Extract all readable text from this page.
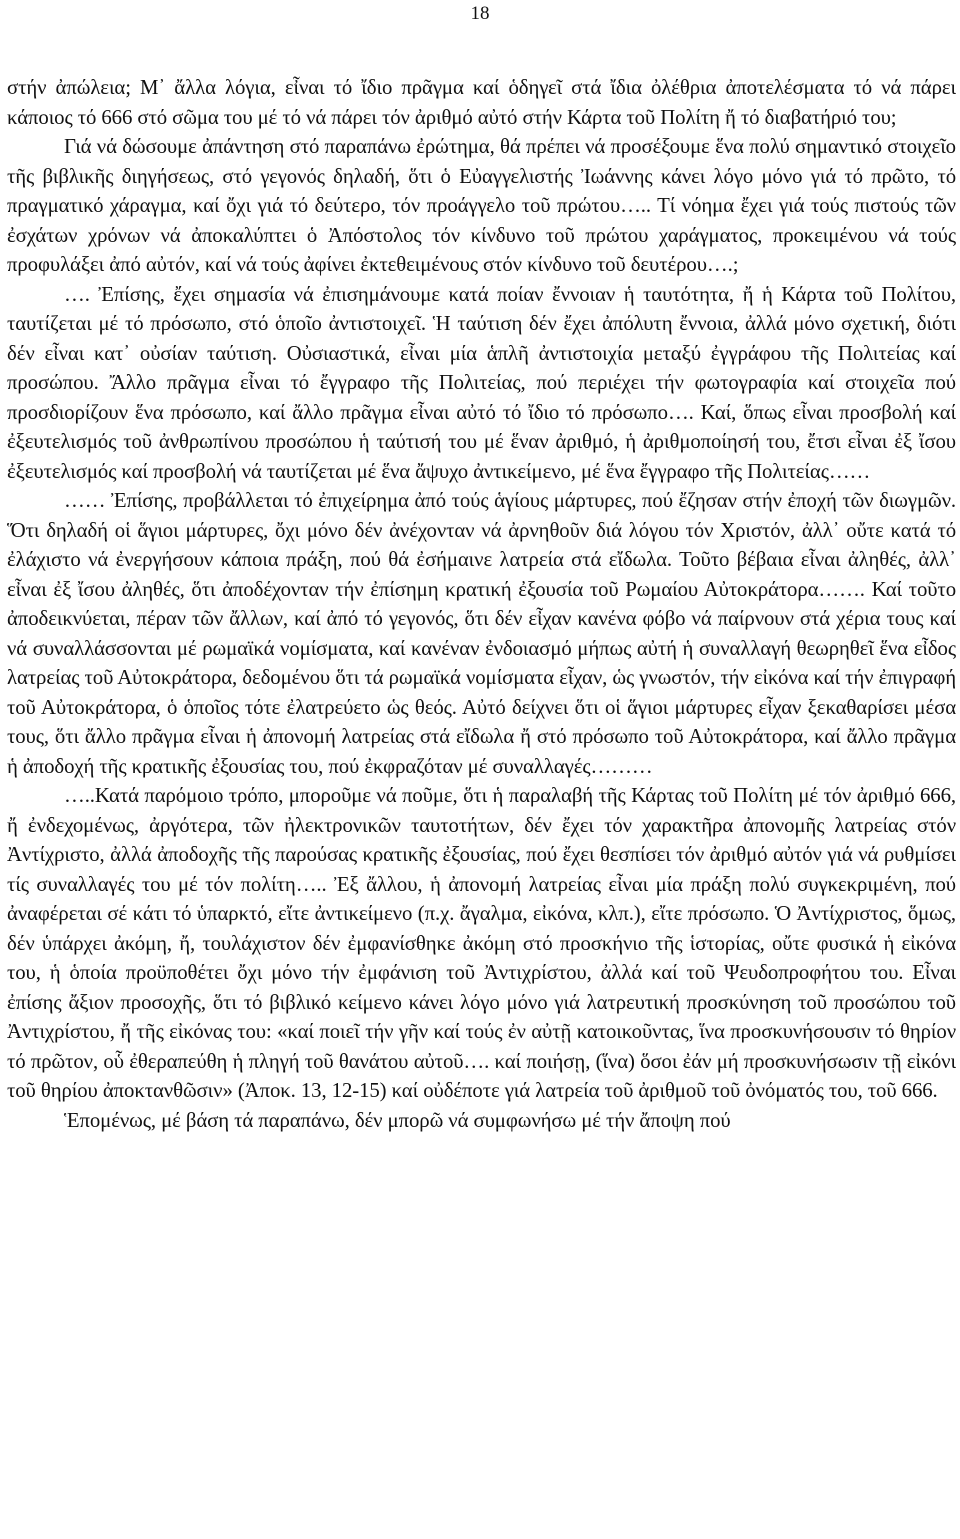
18

στήν ἀπώλεια; Μ᾽ ἄλλα λόγια, εἶναι τό ἴδιο πρᾶγμα καί ὁδηγεῖ στά ἴδια ὀλέθρια ἀποτελέσματα τό νά πάρει κάποιος τό 666 στό σῶμα του μέ τό νά πάρει τόν ἀριθμό αὐτό στήν Κάρτα τοῦ Πολίτη ἤ τό διαβατήριό του;

Γιά νά δώσουμε ἀπάντηση στό παραπάνω ἐρώτημα, θά πρέπει νά προσέξουμε ἕνα πολύ σημαντικό στοιχεῖο τῆς βιβλικῆς διηγήσεως, στό γεγονός δηλαδή, ὅτι ὁ Εὐαγγελιστής Ἰωάννης κάνει λόγο μόνο γιά τό πρῶτο, τό πραγματικό χάραγμα, καί ὄχι γιά τό δεύτερο, τόν προάγγελο τοῦ πρώτου….. Τί νόημα ἔχει γιά τούς πιστούς τῶν ἐσχάτων χρόνων νά ἀποκαλύπτει ὁ Ἀπόστολος τόν κίνδυνο τοῦ πρώτου χαράγματος, προκειμένου νά τούς προφυλάξει ἀπό αὐτόν, καί νά τούς ἀφίνει ἐκτεθειμένους στόν κίνδυνο τοῦ δευτέρου….;

…. Ἐπίσης, ἔχει σημασία νά ἐπισημάνουμε κατά ποίαν ἔννοιαν ἡ ταυτότητα, ἤ ἡ Κάρτα τοῦ Πολίτου, ταυτίζεται μέ τό πρόσωπο, στό ὁποῖο ἀντιστοιχεῖ. Ἡ ταύτιση δέν ἔχει ἀπόλυτη ἔννοια, ἀλλά μόνο σχετική, διότι δέν εἶναι κατ᾽ οὐσίαν ταύτιση. Οὐσιαστικά, εἶναι μία ἁπλῆ ἀντιστοιχία μεταξύ ἐγγράφου τῆς Πολιτείας καί προσώπου. Ἄλλο πρᾶγμα εἶναι τό ἔγγραφο τῆς Πολιτείας, πού περιέχει τήν φωτογραφία καί στοιχεῖα πού προσδιορίζουν ἕνα πρόσωπο, καί ἄλλο πρᾶγμα εἶναι αὐτό τό ἴδιο τό πρόσωπο…. Καί, ὅπως εἶναι προσβολή καί ἐξευτελισμός τοῦ ἀνθρωπίνου προσώπου ἡ ταύτισή του μέ ἕναν ἀριθμό, ἡ ἀριθμοποίησή του, ἔτσι εἶναι ἐξ ἴσου ἐξευτελισμός καί προσβολή νά ταυτίζεται μέ ἕνα ἄψυχο ἀντικείμενο, μέ ἕνα ἔγγραφο τῆς Πολιτείας……

…… Ἐπίσης, προβάλλεται τό ἐπιχείρημα ἀπό τούς ἁγίους μάρτυρες, πού ἔζησαν στήν ἐποχή τῶν διωγμῶν. Ὅτι δηλαδή οἱ ἅγιοι μάρτυρες, ὄχι μόνο δέν ἀνέχονταν νά ἀρνηθοῦν διά λόγου τόν Χριστόν, ἀλλ᾽ οὔτε κατά τό ἐλάχιστο νά ἐνεργήσουν κάποια πράξη, πού θά ἐσήμαινε λατρεία στά εἴδωλα. Τοῦτο βέβαια εἶναι ἀληθές, ἀλλ᾽ εἶναι ἐξ ἴσου ἀληθές, ὅτι ἀποδέχονταν τήν ἐπίσημη κρατική ἐξουσία τοῦ Ρωμαίου Αὐτοκράτορα……. Καί τοῦτο ἀποδεικνύεται, πέραν τῶν ἄλλων, καί ἀπό τό γεγονός, ὅτι δέν εἶχαν κανένα φόβο νά παίρνουν στά χέρια τους καί νά συναλλάσσονται μέ ρωμαϊκά νομίσματα, καί κανέναν ἐνδοιασμό μήπως αὐτή ἡ συναλλαγή θεωρηθεῖ ἕνα εἶδος λατρείας τοῦ Αὐτοκράτορα, δεδομένου ὅτι τά ρωμαϊκά νομίσματα εἶχαν, ὡς γνωστόν, τήν εἰκόνα καί τήν ἐπιγραφή τοῦ Αὐτοκράτορα, ὁ ὁποῖος τότε ἐλατρεύετο ὡς θεός. Αὐτό δείχνει ὅτι οἱ ἅγιοι μάρτυρες εἶχαν ξεκαθαρίσει μέσα τους, ὅτι ἄλλο πρᾶγμα εἶναι ἡ ἀπονομή λατρείας στά εἴδωλα ἤ στό πρόσωπο τοῦ Αὐτοκράτορα, καί ἄλλο πρᾶγμα ἡ ἀποδοχή τῆς κρατικῆς ἐξουσίας του, πού ἐκφραζόταν μέ συναλλαγές………

…..Κατά παρόμοιο τρόπο, μποροῦμε νά ποῦμε, ὅτι ἡ παραλαβή τῆς Κάρτας τοῦ Πολίτη μέ τόν ἀριθμό 666, ἤ ἐνδεχομένως, ἀργότερα, τῶν ἠλεκτρονικῶν ταυτοτήτων, δέν ἔχει τόν χαρακτῆρα ἀπονομῆς λατρείας στόν Ἀντίχριστο, ἀλλά ἀποδοχῆς τῆς παρούσας κρατικῆς ἐξουσίας, πού ἔχει θεσπίσει τόν ἀριθμό αὐτόν γιά νά ρυθμίσει τίς συναλλαγές του μέ τόν πολίτη….. Ἐξ ἄλλου, ἡ ἀπονομή λατρείας εἶναι μία πράξη πολύ συγκεκριμένη, πού ἀναφέρεται σέ κάτι τό ὑπαρκτό, εἴτε ἀντικείμενο (π.χ. ἄγαλμα, εἰκόνα, κλπ.), εἴτε πρόσωπο. Ὁ Ἀντίχριστος, ὅμως, δέν ὑπάρχει ἀκόμη, ἤ, τουλάχιστον δέν ἐμφανίσθηκε ἀκόμη στό προσκήνιο τῆς ἱστορίας, οὔτε φυσικά ἡ εἰκόνα του, ἡ ὁποία προϋποθέτει ὄχι μόνο τήν ἐμφάνιση τοῦ Ἀντιχρίστου, ἀλλά καί τοῦ Ψευδοπροφήτου του. Εἶναι ἐπίσης ἄξιον προσοχῆς, ὅτι τό βιβλικό κείμενο κάνει λόγο μόνο γιά λατρευτική προσκύνηση τοῦ προσώπου τοῦ Ἀντιχρίστου, ἤ τῆς εἰκόνας του: «καί ποιεῖ τήν γῆν καί τούς ἐν αὐτῇ κατοικοῦντας, ἵνα προσκυνήσουσιν τό θηρίον τό πρῶτον, οὗ ἐθεραπεύθη ἡ πληγή τοῦ θανάτου αὐτοῦ…. καί ποιήσῃ, (ἵνα) ὅσοι ἐάν μή προσκυνήσωσιν τῇ εἰκόνι τοῦ θηρίου ἀποκτανθῶσιν» (Ἀποκ. 13, 12-15) καί οὐδέποτε γιά λατρεία τοῦ ἀριθμοῦ τοῦ ὀνόματός του, τοῦ 666.

Ἑπομένως, μέ βάση τά παραπάνω, δέν μπορῶ νά συμφωνήσω μέ τήν ἄποψη πού
